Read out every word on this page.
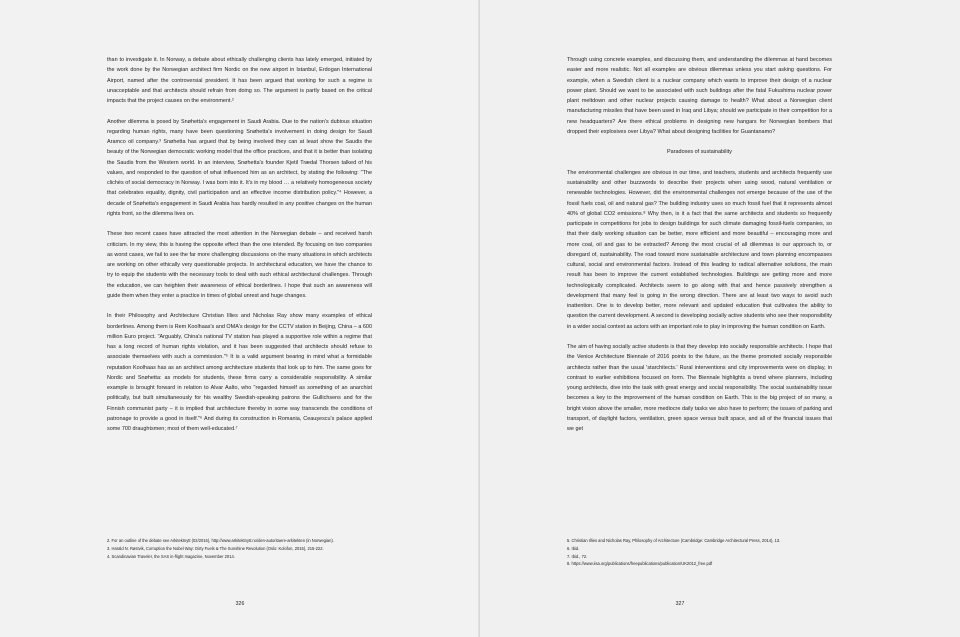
than to investigate it. In Norway, a debate about ethically challenging clients has lately emerged, initiated by the work done by the Norwegian architect firm Nordic on the new airport in Istanbul, Erdogan International Airport, named after the controversial president. It has been argued that working for such a regime is unacceptable and that architects should refrain from doing so. The argument is partly based on the critical impacts that the project causes on the environment.²

Another dilemma is posed by Snøhetta's engagement in Saudi Arabia. Due to the nation's dubious situation regarding human rights, many have been questioning Snøhetta's involvement in doing design for Saudi Aramco oil company.³ Snøhetta has argued that by being involved they can at least show the Saudis the beauty of the Norwegian democratic working model that the office practices, and that it is better than isolating the Saudis from the Western world. In an interview, Snøhetta's founder Kjetil Trædal Thorsen talked of his values, and responded to the question of what influenced him as an architect, by stating the following: "The clichés of social democracy in Norway. I was born into it. It's in my blood … a relatively homogeneous society that celebrates equality, dignity, civil participation and an effective income distribution policy."⁴ However, a decade of Snøhetta's engagement in Saudi Arabia has hardly resulted in any positive changes on the human rights front, so the dilemma lives on.

These two recent cases have attracted the most attention in the Norwegian debate – and received harsh criticism. In my view, this is having the opposite effect than the one intended. By focusing on two companies as worst cases, we fail to see the far more challenging discussions on the many situations in which architects are working on other ethically very questionable projects. In architectural education, we have the chance to try to equip the students with the necessary tools to deal with such ethical architectural challenges. Through the education, we can heighten their awareness of ethical borderlines. I hope that such an awareness will guide them when they enter a practice in times of global unrest and huge changes.

In their Philosophy and Architecture Christian Illies and Nicholas Ray show many examples of ethical borderlines. Among them is Rem Koolhaas's and OMA's design for the CCTV station in Beijing, China – a 600 million Euro project. "Arguably, China's national TV station has played a supportive role within a regime that has a long record of human rights violation, and it has been suggested that architects should refuse to associate themselves with such a commission."⁵ It is a valid argument bearing in mind what a formidable reputation Koolhaas has as an architect among architecture students that look up to him. The same goes for Nordic and Snøhetta: as models for students, these firms carry a considerable responsibility. A similar example is brought forward in relation to Alvar Aalto, who "regarded himself as something of an anarchist politically, but built simultaneously for his wealthy Swedish-speaking patrons the Gullichsens and for the Finnish communist party – it is implied that architecture thereby in some way transcends the conditions of patronage to provide a good in itself."⁶ And during its construction in Romania, Ceauşescu's palace applied some 700 draughtsmen; most of them well-educated.⁷

2. For an outline of the debate see Arkitektnytt (02/2016), http://www.arkitektnytt.no/den-autoritaere-arkitekten (in Norwegian).
3. Harald N. Røstvik, Corruption the Nobel Way: Dirty Fuels & The Sunshine Revolution (Oslo: Kolofon, 2015), 215-222.
4. Scandinavian Traveler, the SAS in-flight magazine, November 2014.
326

Through using concrete examples, and discussing them, and understanding the dilemmas at hand becomes easier and more realistic. Not all examples are obvious dilemmas unless you start asking questions. For example, when a Swedish client is a nuclear company which wants to improve their design of a nuclear power plant. Should we want to be associated with such buildings after the fatal Fukushima nuclear power plant meltdown and other nuclear projects causing damage to health? What about a Norwegian client manufacturing missiles that have been used in Iraq and Libya; should we participate in their competition for a new headquarters? Are there ethical problems in designing new hangars for Norwegian bombers that dropped their explosives over Libya? What about designing facilities for Guantanamo?

Paradoxes of sustainability

The environmental challenges are obvious in our time, and teachers, students and architects frequently use sustainability and other buzzwords to describe their projects when using wood, natural ventilation or renewable technologies. However, did the environmental challenges not emerge because of the use of the fossil fuels coal, oil and natural gas? The building industry uses so much fossil fuel that it represents almost 40% of global CO2 emissions.⁸ Why then, is it a fact that the same architects and students so frequently participate in competitions for jobs to design buildings for such climate damaging fossil-fuels companies, so that their daily working situation can be better, more efficient and more beautiful – encouraging more and more coal, oil and gas to be extracted? Among the most crucial of all dilemmas is our approach to, or disregard of, sustainability. The road toward more sustainable architecture and town planning encompasses cultural, social and environmental factors. Instead of this leading to radical alternative solutions, the main result has been to improve the current established technologies. Buildings are getting more and more technologically complicated. Architects seem to go along with that and hence passively strengthen a development that many feel is going in the wrong direction. There are at least two ways to avoid such inattention. One is to develop better, more relevant and updated education that cultivates the ability to question the current development. A second is developing socially active students who see their responsibility in a wider social context as actors with an important role to play in improving the human condition on Earth.

The aim of having socially active students is that they develop into socially responsible architects. I hope that the Venice Architecture Biennale of 2016 points to the future, as the theme promoted socially responsible architects rather than the usual 'starchitects.' Rural interventions and city improvements were on display, in contrast to earlier exhibitions focused on form. The Biennale highlights a trend where planners, including young architects, dive into the task with great energy and social responsibility. The social sustainability issue becomes a key to the improvement of the human condition on Earth. This is the big project of so many, a bright vision above the smaller, more mediocre daily tasks we also have to perform; the issues of parking and transport, of daylight factors, ventilation, green space versus built space, and all of the financial issues that we get

5. Christian Illies and Nicholas Ray, Philosophy of Architecture (Cambridge: Cambridge Architectural Press, 2014), 13.
6. Ibid.
7. Ibid., 72.
8. https://www.iisa.org/publications/freepublications/publication/UK2012_free.pdf
327
